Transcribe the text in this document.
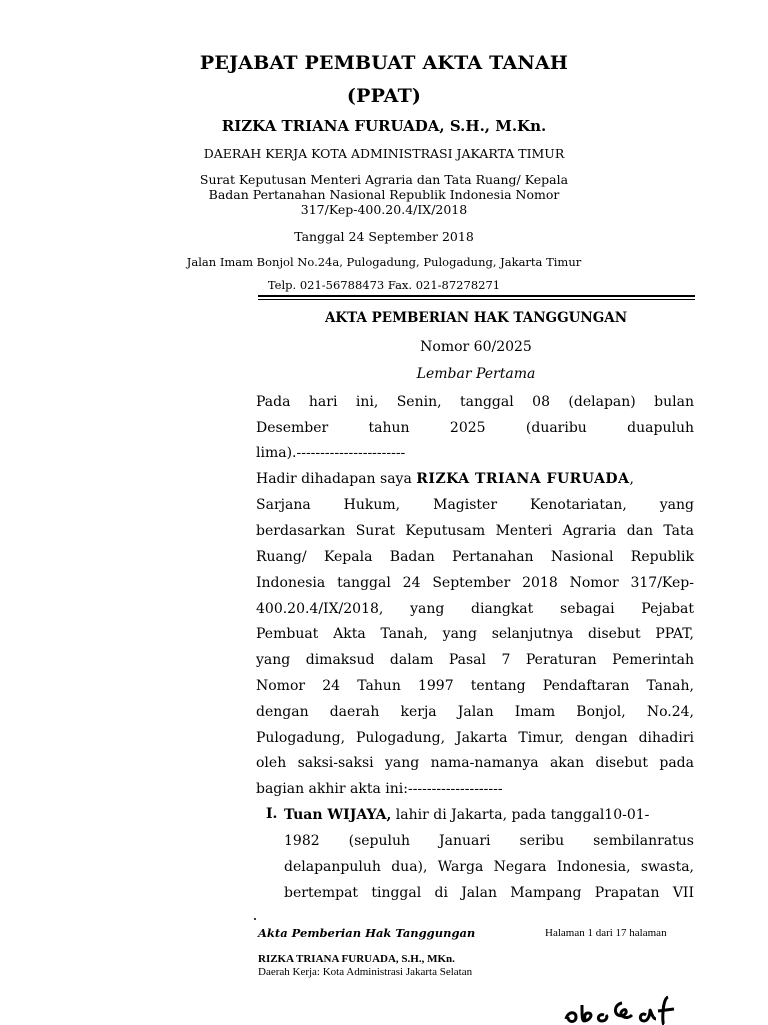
PEJABAT PEMBUAT AKTA TANAH
(PPAT)
RIZKA TRIANA FURUADA, S.H., M.Kn.
DAERAH KERJA KOTA ADMINISTRASI JAKARTA TIMUR
Surat Keputusan Menteri Agraria dan Tata Ruang/ Kepala
Badan Pertanahan Nasional Republik Indonesia Nomor
317/Kep-400.20.4/IX/2018
Tanggal 24 September 2018
Jalan Imam Bonjol No.24a, Pulogadung, Pulogadung, Jakarta Timur
Telp. 021-56788473 Fax. 021-87278271
AKTA PEMBERIAN HAK TANGGUNGAN
Nomor 60/2025
Lembar Pertama
Pada hari ini, Senin, tanggal 08 (delapan) bulan
Desember tahun 2025 (duaribu duapuluh
lima).-----------------------
Hadir dihadapan saya RIZKA TRIANA FURUADA,
Sarjana Hukum, Magister Kenotariatan, yang
berdasarkan Surat Keputusam Menteri Agraria dan Tata
Ruang/ Kepala Badan Pertanahan Nasional Republik
Indonesia tanggal 24 September 2018 Nomor 317/Kep-
400.20.4/IX/2018, yang diangkat sebagai Pejabat
Pembuat Akta Tanah, yang selanjutnya disebut PPAT,
yang dimaksud dalam Pasal 7 Peraturan Pemerintah
Nomor 24 Tahun 1997 tentang Pendaftaran Tanah,
dengan daerah kerja Jalan Imam Bonjol, No.24,
Pulogadung, Pulogadung, Jakarta Timur, dengan dihadiri
oleh saksi-saksi yang nama-namanya akan disebut pada
bagian akhir akta ini:--------------------
I. Tuan WIJAYA, lahir di Jakarta, pada tanggal10-01-
1982 (sepuluh Januari seribu sembilanratus
delapanpuluh dua), Warga Negara Indonesia, swasta,
bertempat tinggal di Jalan Mampang Prapatan VII
Akta Pemberian Hak Tanggungan	Halaman 1 dari 17 halaman
RIZKA TRIANA FURUADA, S.H., MKn.
Daerah Kerja: Kota Administrasi Jakarta Selatan
